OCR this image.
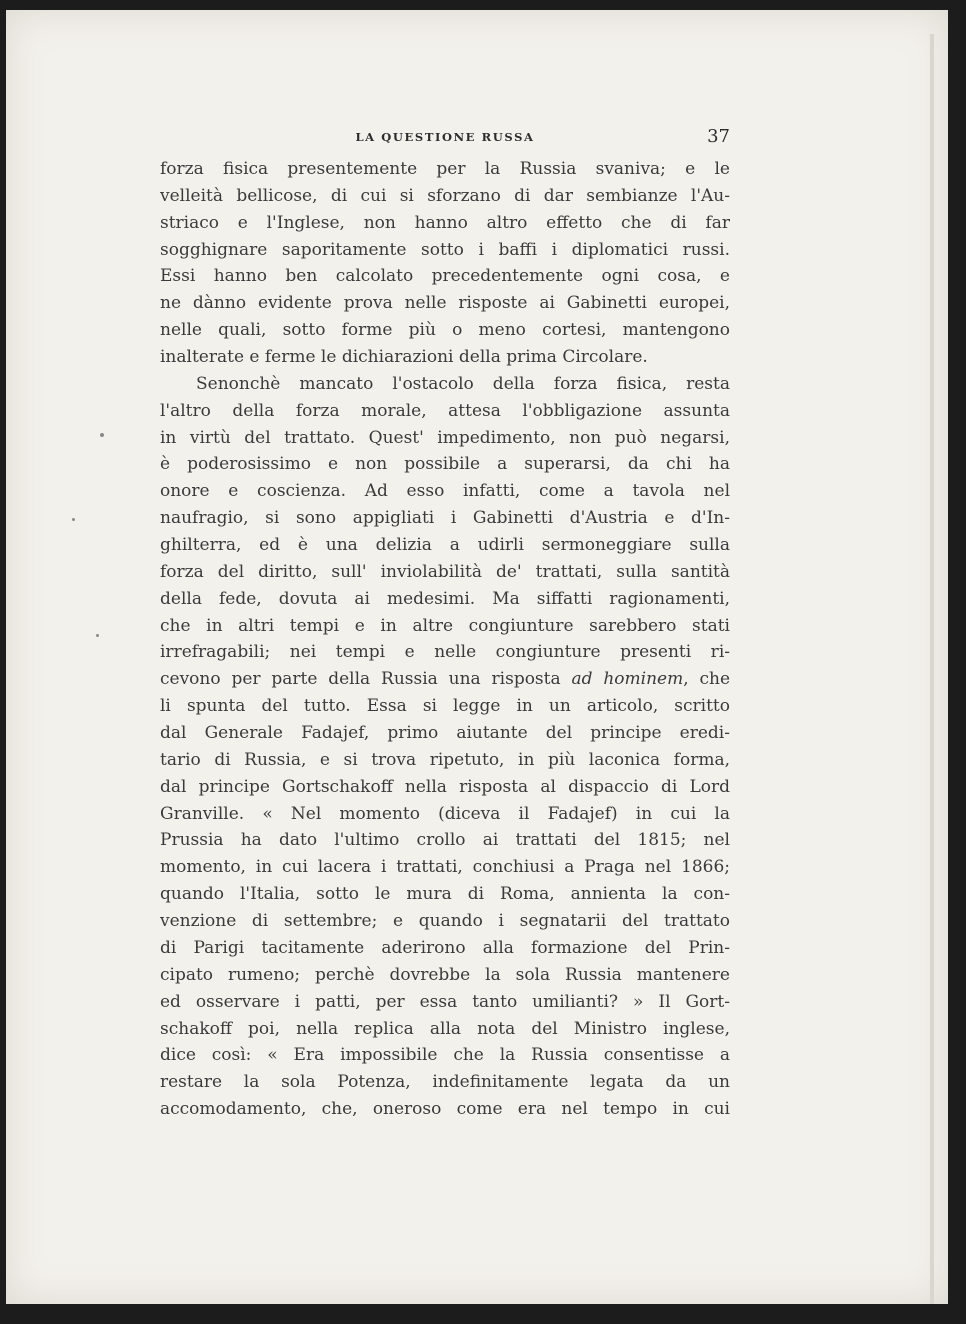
LA QUESTIONE RUSSA	37
forza fisica presentemente per la Russia svaniva; e le
velleità bellicose, di cui si sforzano di dar sembianze l'Au-
striaco e l'Inglese, non hanno altro effetto che di far
sogghignare saporitamente sotto i baffi i diplomatici russi.
Essi hanno ben calcolato precedentemente ogni cosa, e
ne dànno evidente prova nelle risposte ai Gabinetti europei,
nelle quali, sotto forme più o meno cortesi, mantengono
inalterate e ferme le dichiarazioni della prima Circolare.
Senonchè mancato l'ostacolo della forza fisica, resta
l'altro della forza morale, attesa l'obbligazione assunta
in virtù del trattato. Quest' impedimento, non può negarsi,
è poderosissimo e non possibile a superarsi, da chi ha
onore e coscienza. Ad esso infatti, come a tavola nel
naufragio, si sono appigliati i Gabinetti d'Austria e d'In-
ghilterra, ed è una delizia a udirli sermoneggiare sulla
forza del diritto, sull' inviolabilità de' trattati, sulla santità
della fede, dovuta ai medesimi. Ma siffatti ragionamenti,
che in altri tempi e in altre congiunture sarebbero stati
irrefragabili; nei tempi e nelle congiunture presenti ri-
cevono per parte della Russia una risposta ad hominem, che
li spunta del tutto. Essa si legge in un articolo, scritto
dal Generale Fadajef, primo aiutante del principe eredi-
tario di Russia, e si trova ripetuto, in più laconica forma,
dal principe Gortschakoff nella risposta al dispaccio di Lord
Granville. « Nel momento (diceva il Fadajef) in cui la
Prussia ha dato l'ultimo crollo ai trattati del 1815; nel
momento, in cui lacera i trattati, conchiusi a Praga nel 1866;
quando l'Italia, sotto le mura di Roma, annienta la con-
venzione di settembre; e quando i segnatarii del trattato
di Parigi tacitamente aderirono alla formazione del Prin-
cipato rumeno; perchè dovrebbe la sola Russia mantenere
ed osservare i patti, per essa tanto umilianti? » Il Gort-
schakoff poi, nella replica alla nota del Ministro inglese,
dice così: « Era impossibile che la Russia consentisse a
restare la sola Potenza, indefinitamente legata da un
accomodamento, che, oneroso come era nel tempo in cui
